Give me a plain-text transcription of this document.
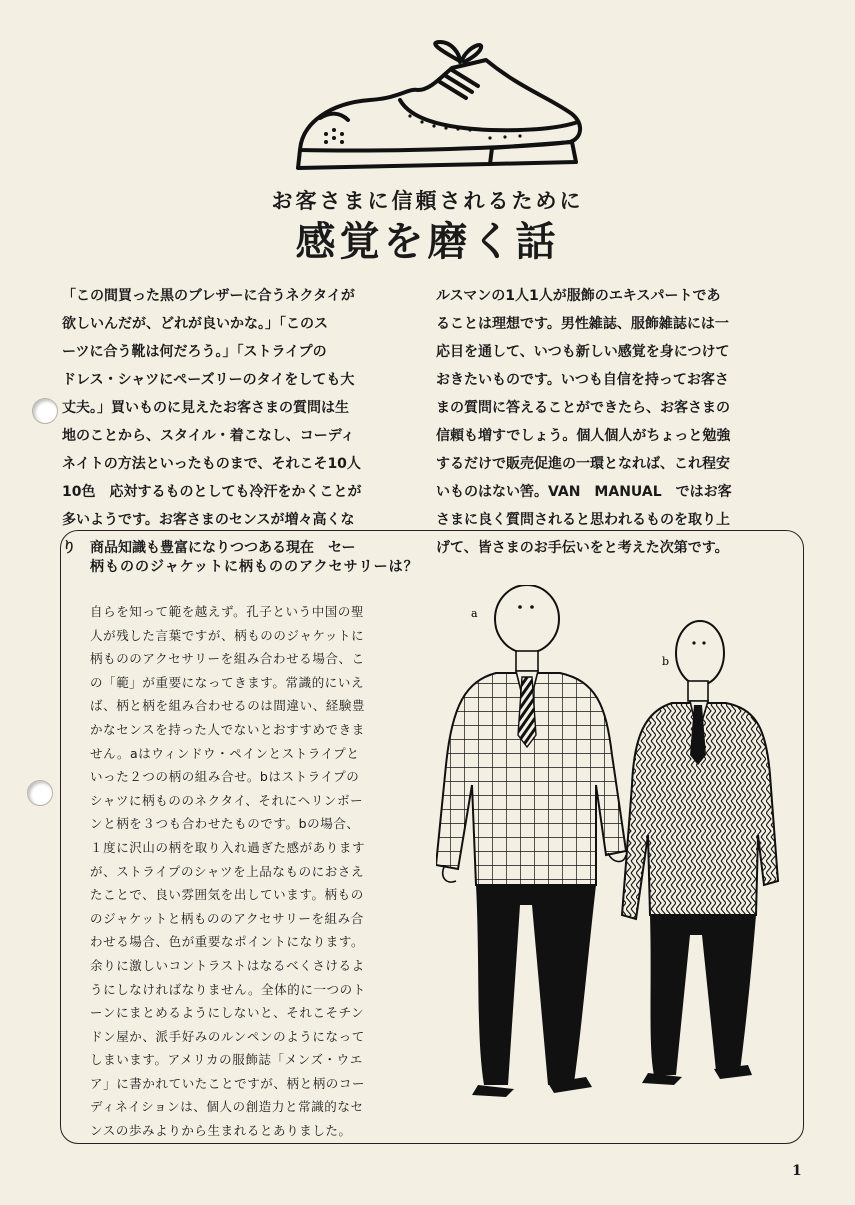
お客さまに信頼されるために
感覚を磨く話
「この間買った黒のブレザーに合うネクタイが
欲しいんだが、どれが良いかな。」「このス
ーツに合う靴は何だろう。」「ストライプの
ドレス・シャツにペーズリーのタイをしても大
丈夫。」買いものに見えたお客さまの質問は生
地のことから、スタイル・着こなし、コーディ
ネイトの方法といったものまで、それこそ10人
10色　応対するものとしても冷汗をかくことが
多いようです。お客さまのセンスが増々高くな
り　商品知識も豊富になりつつある現在　セー
ルスマンの1人1人が服飾のエキスパートであ
ることは理想です。男性雑誌、服飾雑誌には一
応目を通して、いつも新しい感覚を身につけて
おきたいものです。いつも自信を持ってお客さ
まの質問に答えることができたら、お客さまの
信頼も増すでしょう。個人個人がちょっと勉強
するだけで販売促進の一環となれば、これ程安
いものはない筈。VAN　MANUAL　ではお客
さまに良く質問されると思われるものを取り上
げて、皆さまのお手伝いをと考えた次第です。
柄もののジャケットに柄もののアクセサリーは？
自らを知って範を越えず。孔子という中国の聖
人が残した言葉ですが、柄もののジャケットに
柄もののアクセサリーを組み合わせる場合、こ
の「範」が重要になってきます。常識的にいえ
ば、柄と柄を組み合わせるのは間違い、経験豊
かなセンスを持った人でないとおすすめできま
せん。aはウィンドウ・ペインとストライプと
いった２つの柄の組み合せ。bはストライプの
シャツに柄もののネクタイ、それにヘリンボー
ンと柄を３つも合わせたものです。bの場合、
１度に沢山の柄を取り入れ過ぎた感があります
が、ストライプのシャツを上品なものにおさえ
たことで、良い雰囲気を出しています。柄もの
のジャケットと柄もののアクセサリーを組み合
わせる場合、色が重要なポイントになります。
余りに激しいコントラストはなるべくさけるよ
うにしなければなりません。全体的に一つのト
ーンにまとめるようにしないと、それこそチン
ドン屋か、派手好みのルンペンのようになって
しまいます。アメリカの服飾誌「メンズ・ウエ
ア」に書かれていたことですが、柄と柄のコー
ディネイションは、個人の創造力と常識的なセ
ンスの歩みよりから生まれるとありました。
a
b
1
